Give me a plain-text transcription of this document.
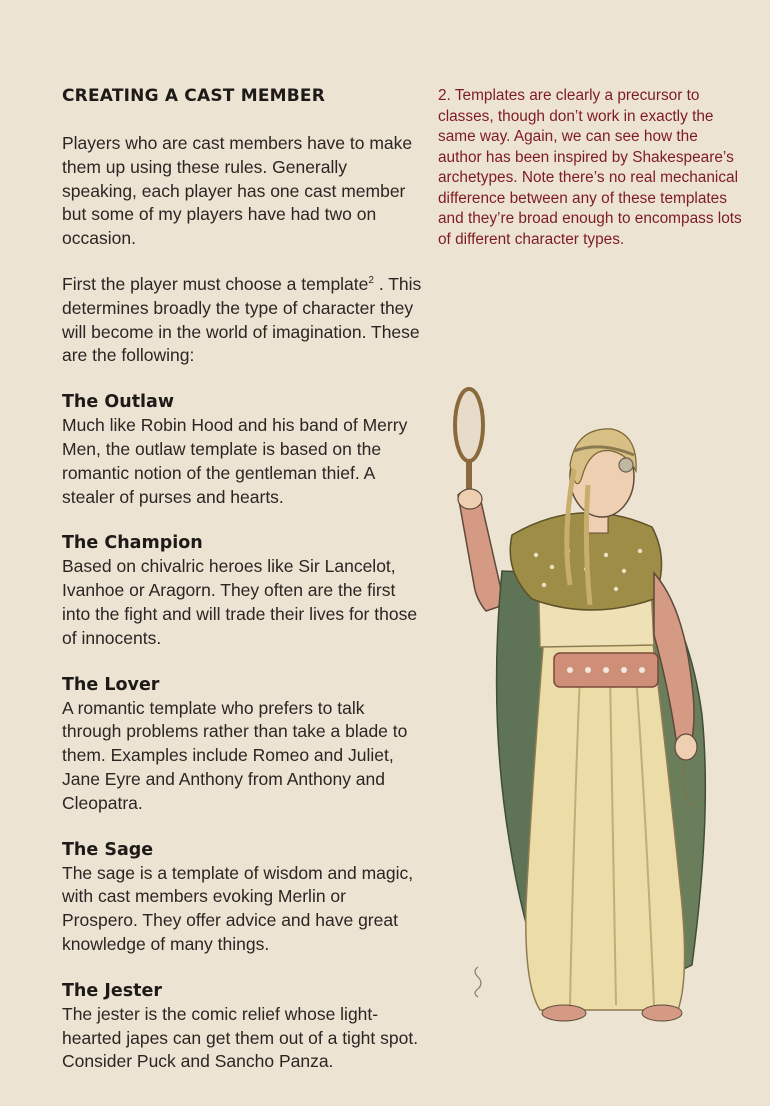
CREATING A CAST MEMBER

Players who are cast members have to make them up using these rules. Generally speaking, each player has one cast member but some of my players have had two on occasion.

First the player must choose a template$^2$ . This determines broadly the type of character they will become in the world of imagination. These are the following:

The Outlaw
Much like Robin Hood and his band of Merry Men, the outlaw template is based on the romantic notion of the gentleman thief. A stealer of purses and hearts.
The Champion
Based on chivalric heroes like Sir Lancelot, Ivanhoe or Aragorn. They often are the first into the fight and will trade their lives for those of innocents.
The Lover
A romantic template who prefers to talk through problems rather than take a blade to them. Examples include Romeo and Juliet, Jane Eyre and Anthony from Anthony and Cleopatra.
The Sage
The sage is a template of wisdom and magic, with cast members evoking Merlin or Prospero. They offer advice and have great knowledge of many things.
The Jester
The jester is the comic relief whose light-hearted japes can get them out of a tight spot. Consider Puck and Sancho Panza.

2. Templates are clearly a precursor to classes, though don’t work in exactly the same way. Again, we can see how the author has been inspired by Shakespeare’s archetypes. Note there’s no real mechanical difference between any of these templates and they’re broad enough to encompass lots of different character types.
